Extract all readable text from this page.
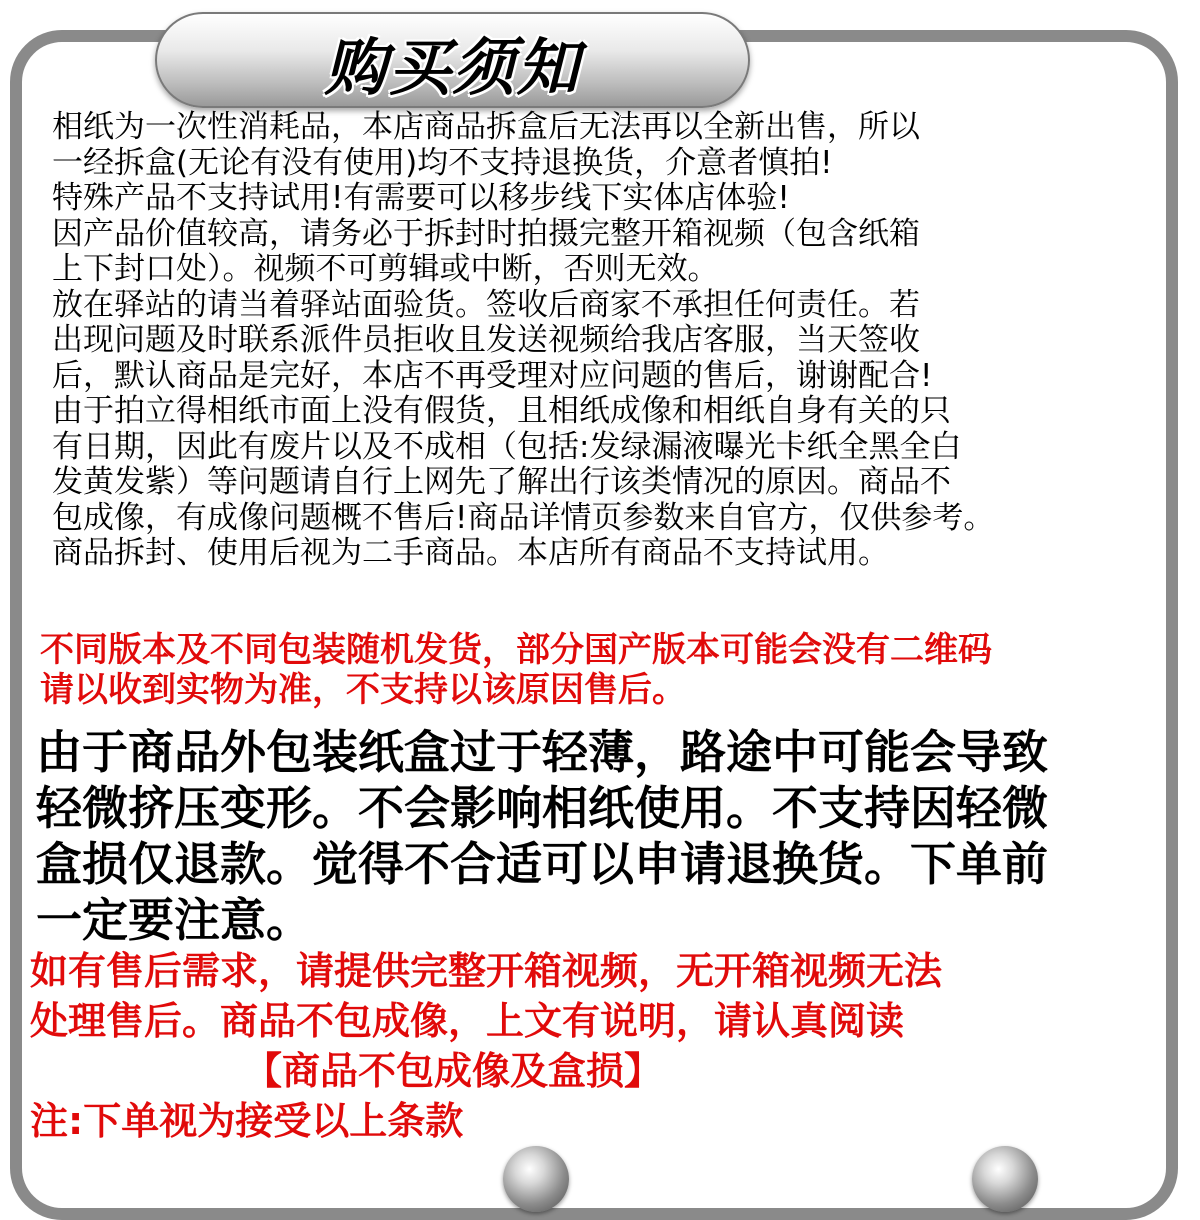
购买须知
相纸为一次性消耗品，本店商品拆盒后无法再以全新出售，所以
一经拆盒(无论有没有使用)均不支持退换货，介意者慎拍!
特殊产品不支持试用!有需要可以移步线下实体店体验!
因产品价值较高，请务必于拆封时拍摄完整开箱视频（包含纸箱
上下封口处）。视频不可剪辑或中断，否则无效。
放在驿站的请当着驿站面验货。签收后商家不承担任何责任。若
出现问题及时联系派件员拒收且发送视频给我店客服，当天签收
后，默认商品是完好，本店不再受理对应问题的售后，谢谢配合!
由于拍立得相纸市面上没有假货，且相纸成像和相纸自身有关的只
有日期，因此有废片以及不成相（包括:发绿漏液曝光卡纸全黑全白
发黄发紫）等问题请自行上网先了解出行该类情况的原因。商品不
包成像，有成像问题概不售后!商品详情页参数来自官方，仅供参考。
商品拆封、使用后视为二手商品。本店所有商品不支持试用。
不同版本及不同包装随机发货，部分国产版本可能会没有二维码
请以收到实物为准，不支持以该原因售后。
由于商品外包装纸盒过于轻薄，路途中可能会导致
轻微挤压变形。不会影响相纸使用。不支持因轻微
盒损仅退款。觉得不合适可以申请退换货。下单前
一定要注意。
如有售后需求，请提供完整开箱视频，无开箱视频无法
处理售后。商品不包成像，上文有说明，请认真阅读
【商品不包成像及盒损】
注:下单视为接受以上条款
